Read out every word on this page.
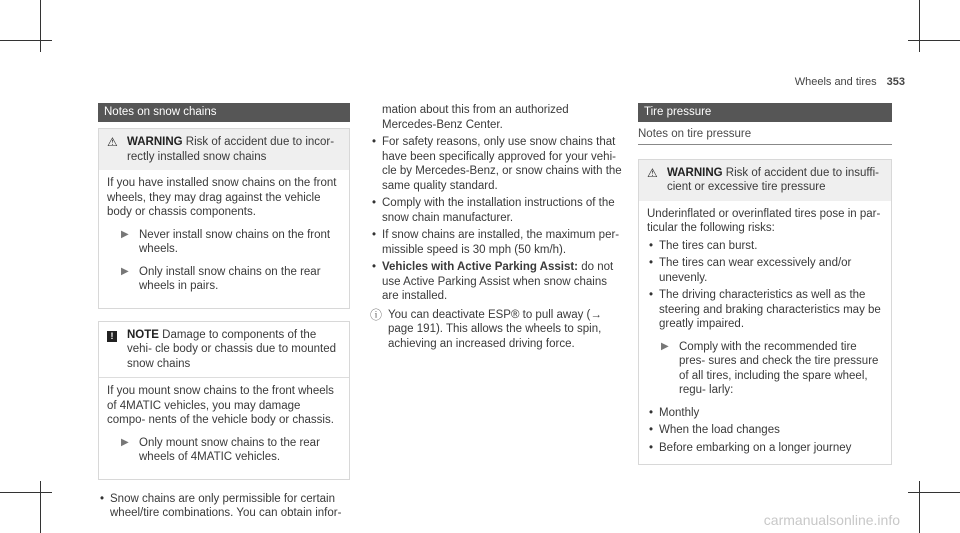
Wheels and tires 353
Notes on snow chains
⚠ WARNING Risk of accident due to incor- rectly installed snow chains

If you have installed snow chains on the front wheels, they may drag against the vehicle body or chassis components.

▶ Never install snow chains on the front wheels.
▶ Only install snow chains on the rear wheels in pairs.
!	NOTE Damage to components of the vehi- cle body or chassis due to mounted snow chains

If you mount snow chains to the front wheels of 4MATIC vehicles, you may damage compo- nents of the vehicle body or chassis.

▶ Only mount snow chains to the rear wheels of 4MATIC vehicles.
• Snow chains are only permissible for certain wheel/tire combinations. You can obtain infor-

mation about this from an authorized Mercedes-Benz Center.

• For safety reasons, only use snow chains that have been specifically approved for your vehi- cle by Mercedes-Benz, or snow chains with the same quality standard.
• Comply with the installation instructions of the snow chain manufacturer.
• If snow chains are installed, the maximum per- missible speed is 30 mph (50 km/h).
• Vehicles with Active Parking Assist: do not use Active Parking Assist when snow chains are installed.
ⓘ You can deactivate ESP® to pull away (→ page 191). This allows the wheels to spin, achieving an increased driving force.
Tire pressure
Notes on tire pressure
⚠ WARNING Risk of accident due to insuffi- cient or excessive tire pressure

Underinflated or overinflated tires pose in par- ticular the following risks:

• The tires can burst.
• The tires can wear excessively and/or unevenly.
• The driving characteristics as well as the steering and braking characteristics may be greatly impaired.
▶ Comply with the recommended tire pres- sures and check the tire pressure of all tires, including the spare wheel, regu- larly:
• Monthly
• When the load changes
• Before embarking on a longer journey
carmanualsonline.info
